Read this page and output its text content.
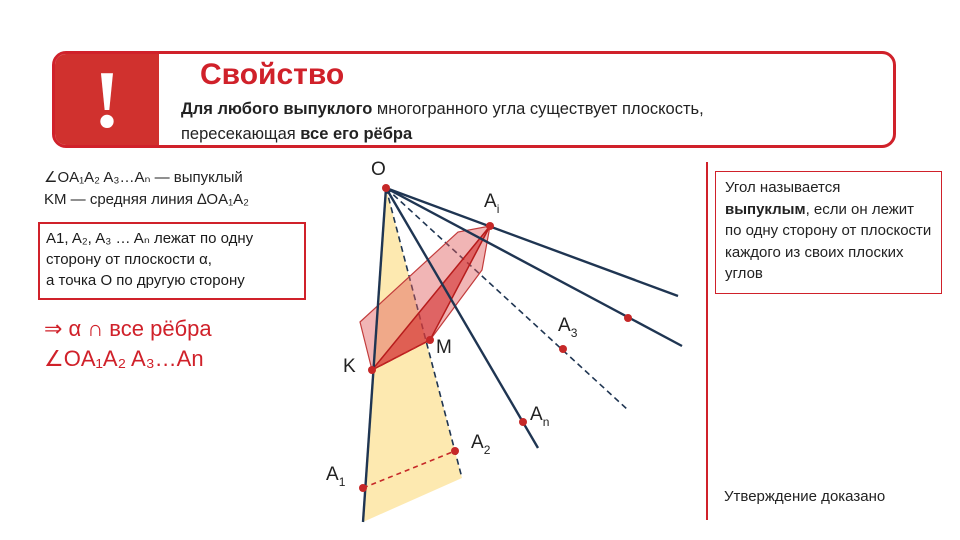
!	Свойство
Для любого выпуклого многогранного угла существует плоскость,
пересекающая все его рёбра
∠OA₁A₂ A₃…Aₙ — выпуклый
KM — средняя линия ∆OA₁A₂
A1, A₂, A₃ … Aₙ лежат по одну
сторону от плоскости α,
а точка O по другую сторону
⇒ α ∩ все рёбра
∠OA₁A₂ A₃…An
O
$A_i$
$A_3$
$A_n$
$A_2$
$A_1$
K
M
Угол называется
выпуклым, если он лежит по одну сторону от плоскости каждого из своих плоских углов
Утверждение доказано
